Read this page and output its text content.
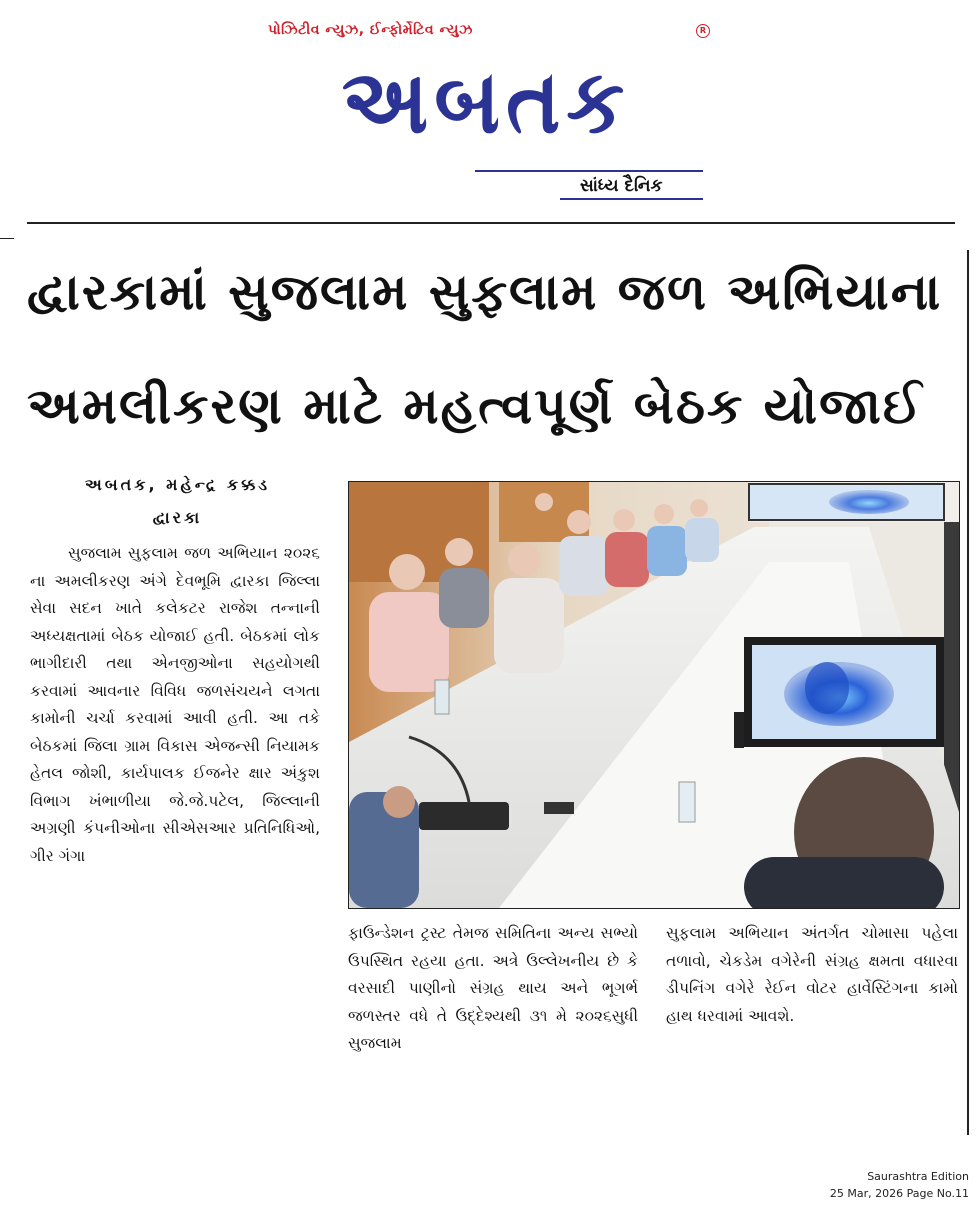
પોઝિટીવ ન્યુઝ, ઈન્ફોર્મેટિવ ન્યુઝ	R
અબતક
સાંધ્ય દૈનિક
દ્વારકામાં સુજલામ સુફલામ જળ અભિયાના
અમલીકરણ માટે મહત્વપૂર્ણ બેઠક યોજાઈ
અબતક, મહેન્દ્ર કક્કડ
દ્વારકા
સુજલામ સુફલામ જળ અભિયાન ૨૦૨૬ ના અમલીકરણ અંગે દેવભૂમિ દ્વારકા જિલ્લા સેવા સદન ખાતે કલેકટર રાજેશ તન્નાની અધ્યક્ષતામાં બેઠક યોજાઈ હતી. બેઠકમાં લોક ભાગીદારી તથા એનજીઓના સહયોગથી કરવામાં આવનાર વિવિધ જળસંચયને લગતા કામોની ચર્ચા કરવામાં આવી હતી. આ તકે બેઠકમાં જિલા ગ્રામ વિકાસ એજન્સી નિયામક હેતલ જોશી, કાર્યપાલક ઈજનેર ક્ષાર અંકુશ વિભાગ ખંભાળીયા જે.જે.પટેલ, જિલ્લાની અગ્રણી કંપનીઓના સીએસઆર પ્રતિનિધિઓ, ગીર ગંગા
ફાઉન્ડેશન ટ્રસ્ટ તેમજ સમિતિના અન્ય સભ્યો ઉપસ્થિત રહયા હતા. અત્રે ઉલ્લેખનીય છે કે વરસાદી પાણીનો સંગ્રહ થાય અને ભૂગર્ભ જળસ્તર વધે તે ઉદ્દેશ્યથી ૩૧ મે ૨૦૨૬સુધી સુજલામ
સુફલામ અભિયાન અંતર્ગત ચોમાસા પહેલા તળાવો, ચેકડેમ વગેરેની સંગ્રહ ક્ષમતા વધારવા ડીપનિંગ વગેરે રેઈન વોટર હાર્વેસ્ટિંગના કામો હાથ ધરવામાં આવશે.
Saurashtra Edition
25 Mar, 2026 Page No.11
